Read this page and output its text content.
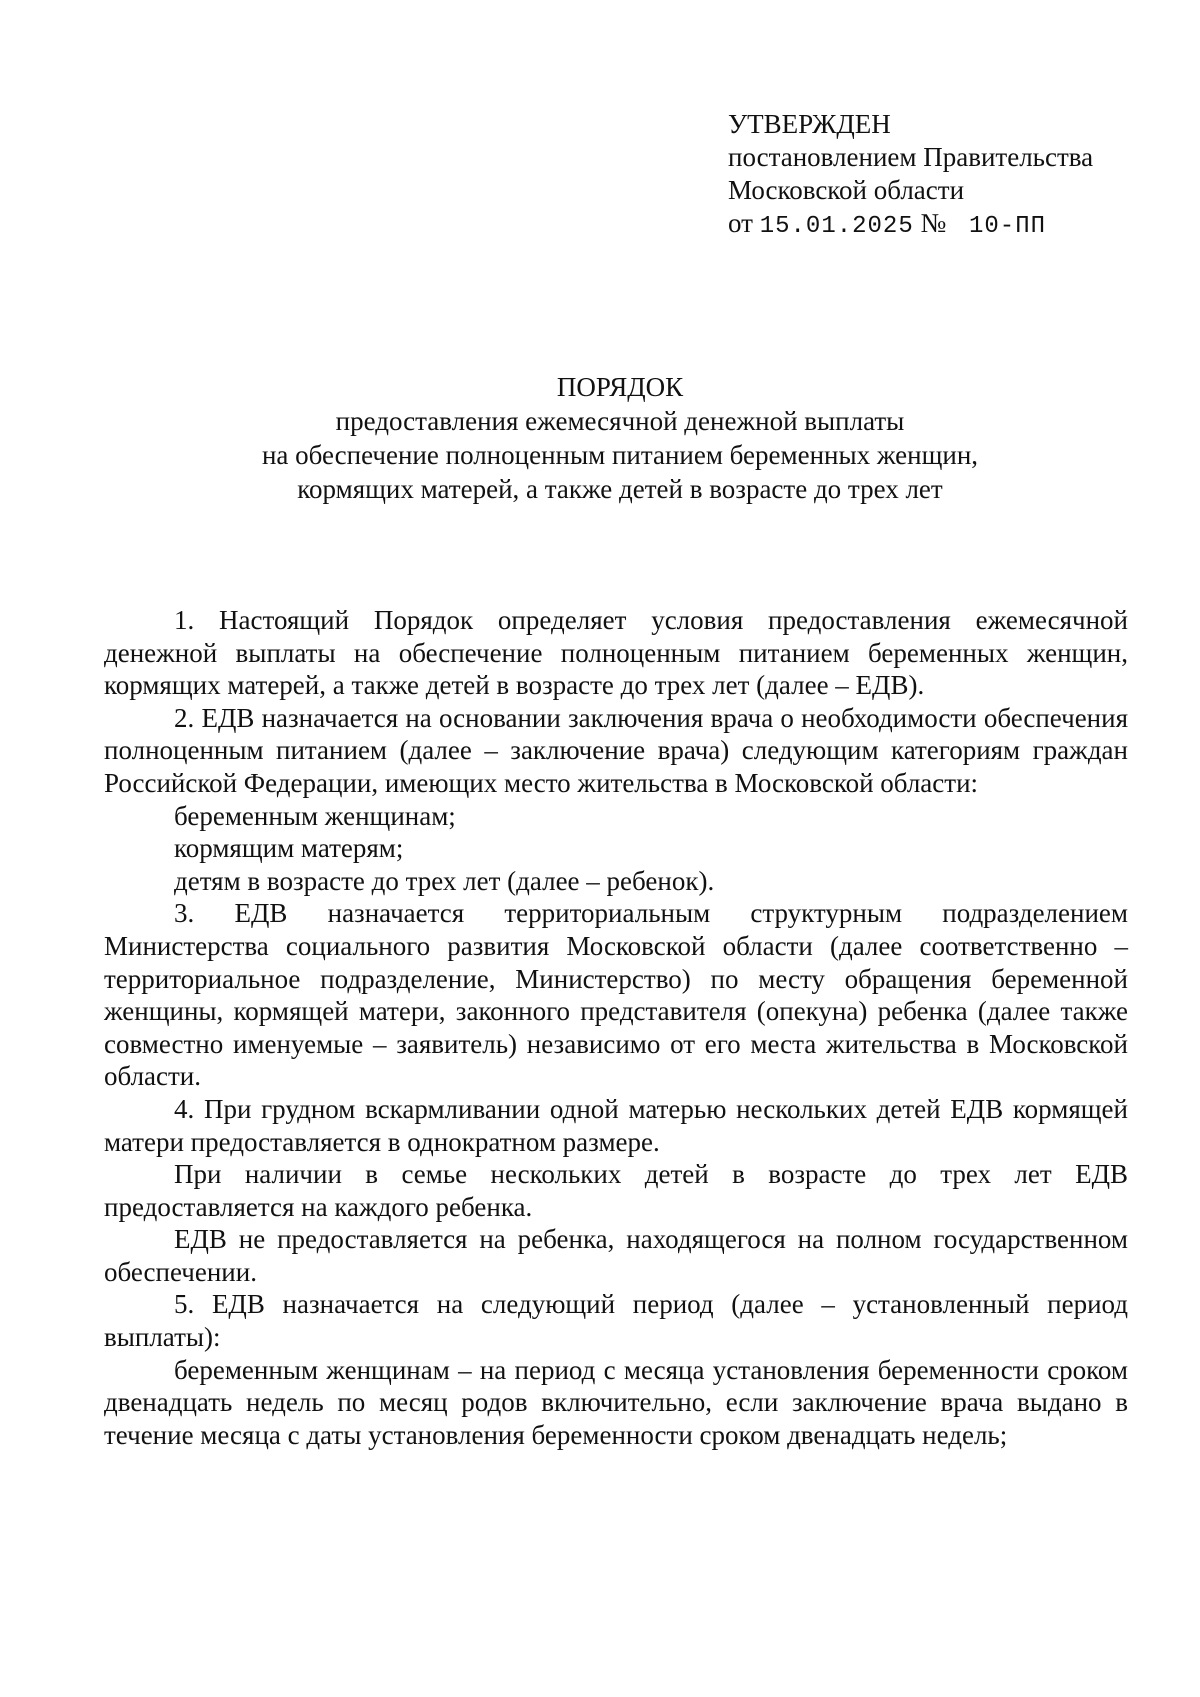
УТВЕРЖДЕН
постановлением Правительства
Московской области
от 15.01.2025 № 10-ПП
ПОРЯДОК
предоставления ежемесячной денежной выплаты
на обеспечение полноценным питанием беременных женщин,
кормящих матерей, а также детей в возрасте до трех лет

1. Настоящий Порядок определяет условия предоставления ежемесячной денежной выплаты на обеспечение полноценным питанием беременных женщин, кормящих матерей, а также детей в возрасте до трех лет (далее – ЕДВ).

2. ЕДВ назначается на основании заключения врача о необходимости обеспечения полноценным питанием (далее – заключение врача) следующим категориям граждан Российской Федерации, имеющих место жительства в Московской области:

беременным женщинам;

кормящим матерям;

детям в возрасте до трех лет (далее – ребенок).

3. ЕДВ назначается территориальным структурным подразделением Министерства социального развития Московской области (далее соответственно – территориальное подразделение, Министерство) по месту обращения беременной женщины, кормящей матери, законного представителя (опекуна) ребенка (далее также совместно именуемые – заявитель) независимо от его места жительства в Московской области.

4. При грудном вскармливании одной матерью нескольких детей ЕДВ кормящей матери предоставляется в однократном размере.

При наличии в семье нескольких детей в возрасте до трех лет ЕДВ предоставляется на каждого ребенка.

ЕДВ не предоставляется на ребенка, находящегося на полном государственном обеспечении.

5. ЕДВ назначается на следующий период (далее – установленный период выплаты):

беременным женщинам – на период с месяца установления беременности сроком двенадцать недель по месяц родов включительно, если заключение врача выдано в течение месяца с даты установления беременности сроком двенадцать недель;
